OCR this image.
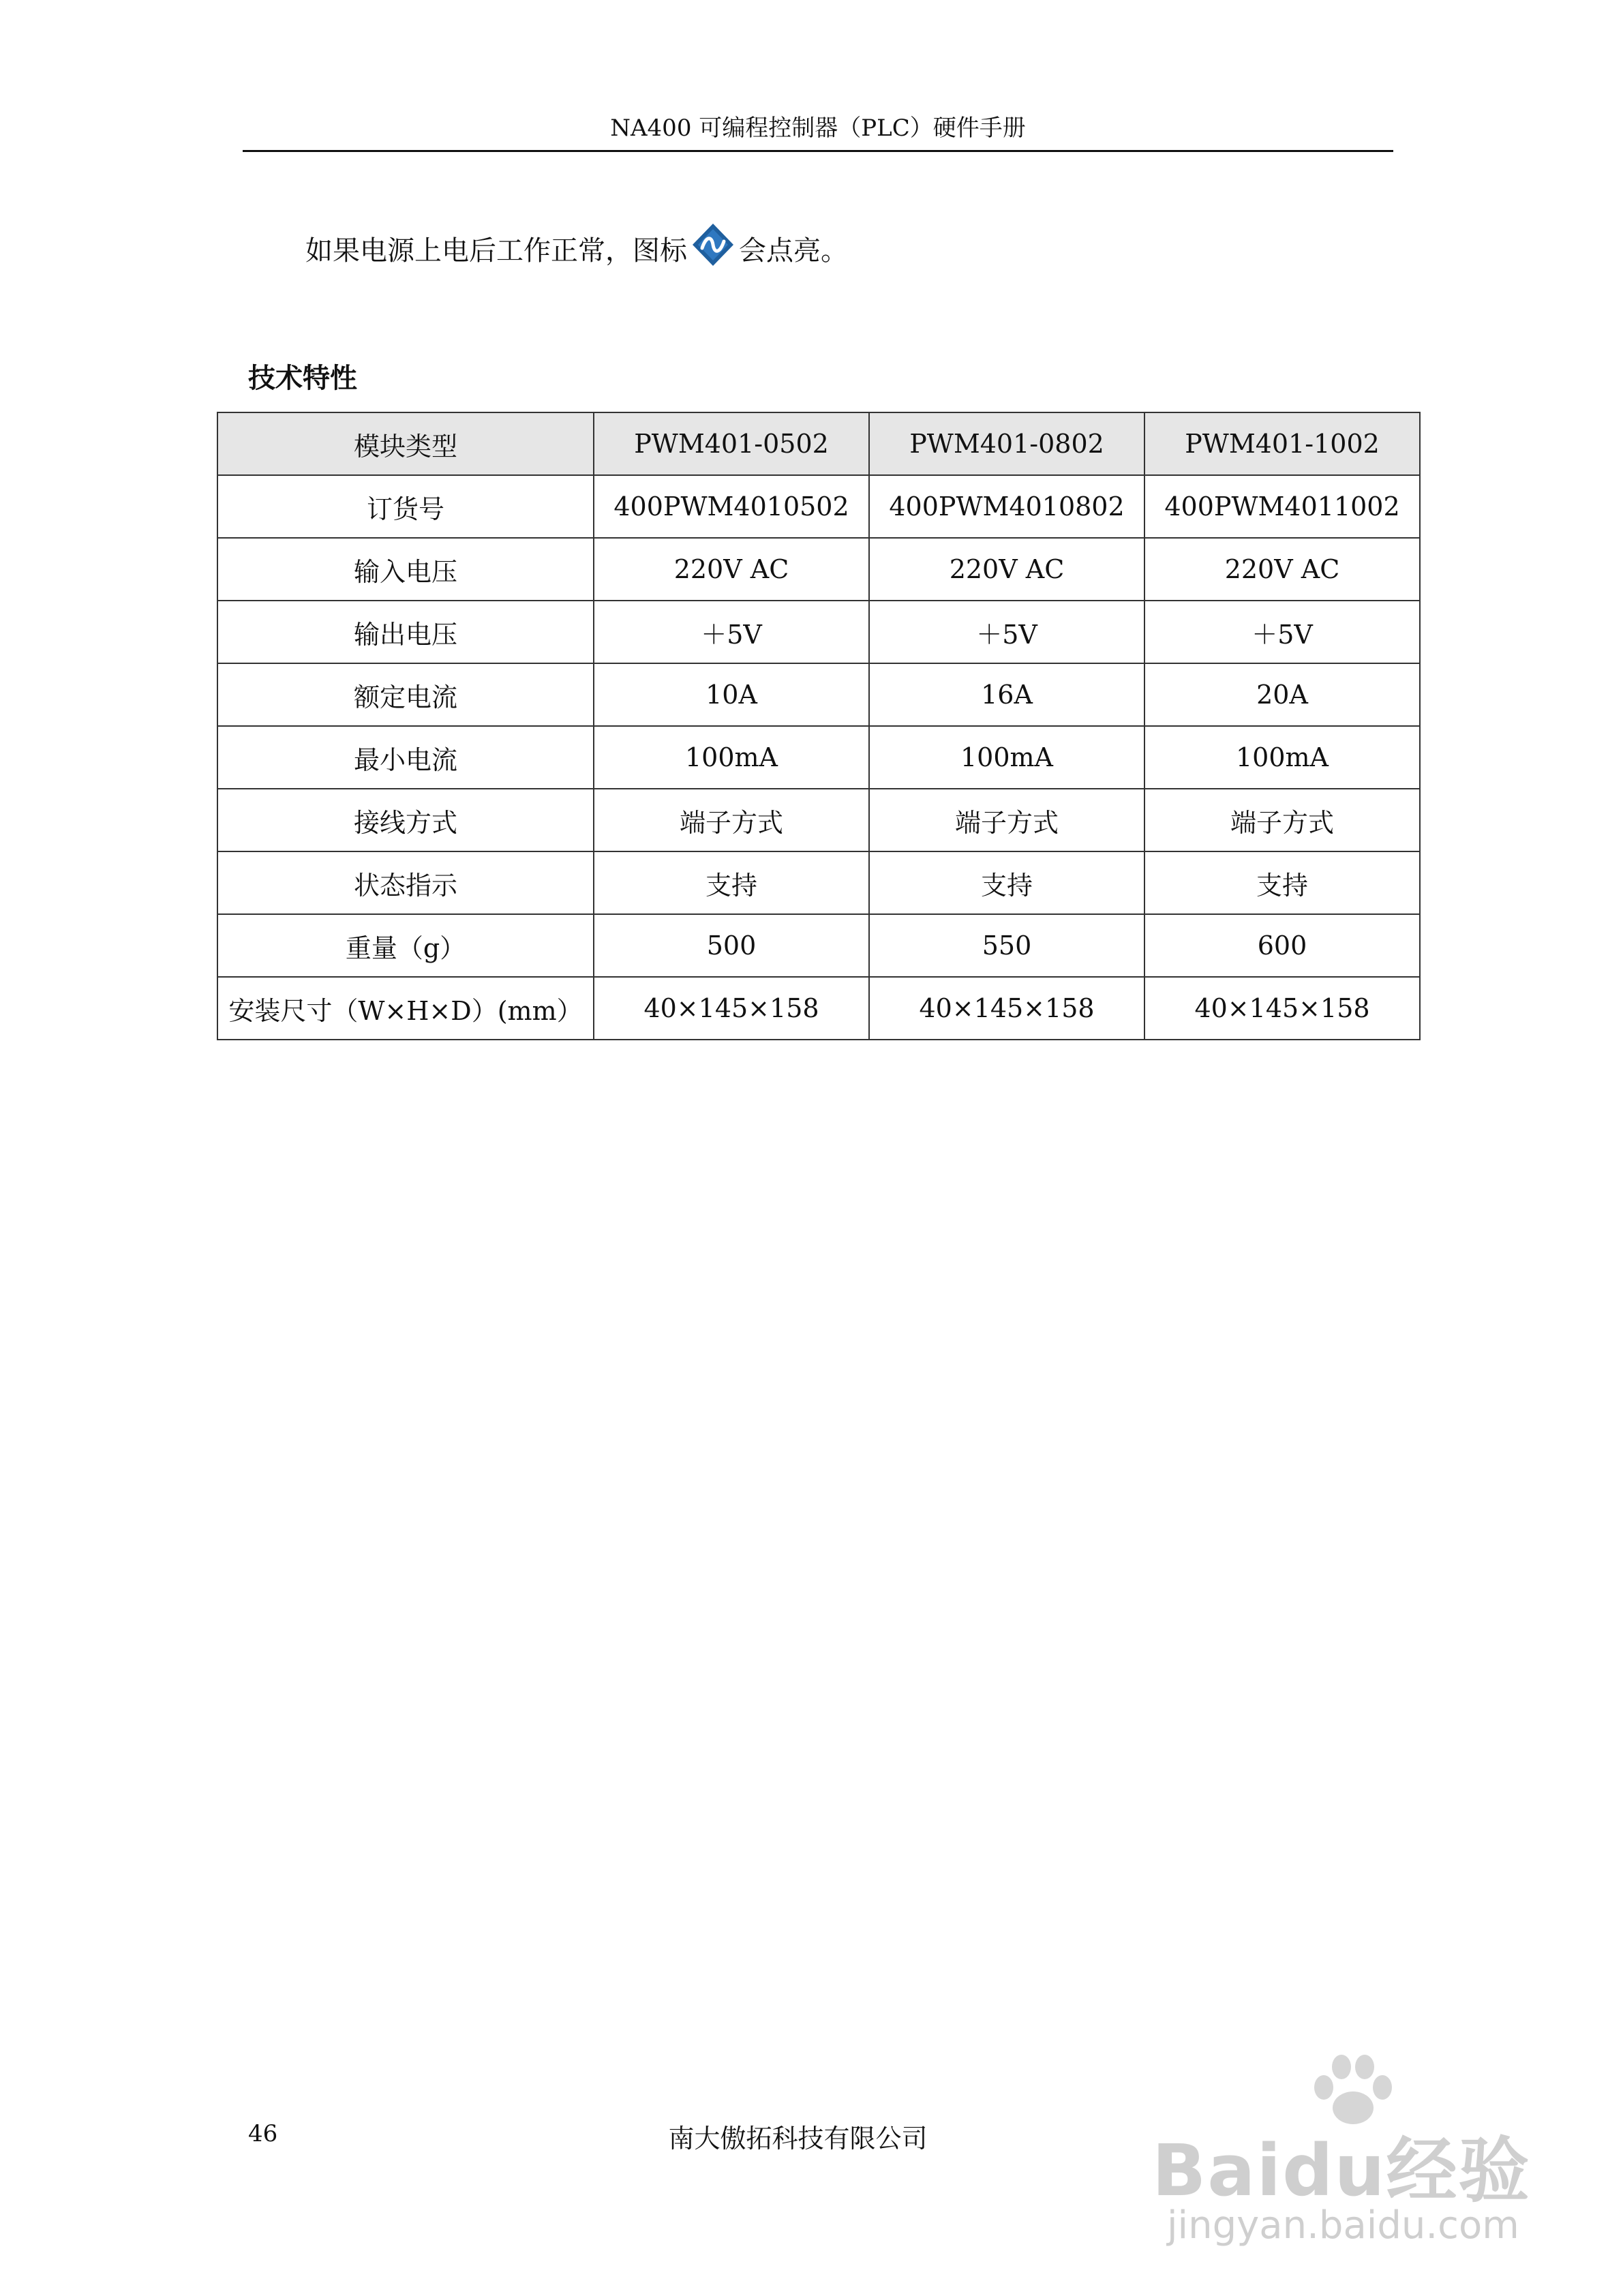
NA400 可编程控制器（PLC）硬件手册
如果电源上电后工作正常，图标 会点亮。
技术特性
模块类型	PWM401-0502	PWM401-0802	PWM401-1002
订货号	400PWM4010502	400PWM4010802	400PWM4011002
输入电压	220V AC	220V AC	220V AC
输出电压	＋5V	＋5V	＋5V
额定电流	10A	16A	20A
最小电流	100mA	100mA	100mA
接线方式	端子方式	端子方式	端子方式
状态指示	支持	支持	支持
重量（g）	500	550	600
安装尺寸（W×H×D）(mm）	40×145×158	40×145×158	40×145×158
46	南大傲拓科技有限公司	Baidu经验
jingyan.baidu.com
